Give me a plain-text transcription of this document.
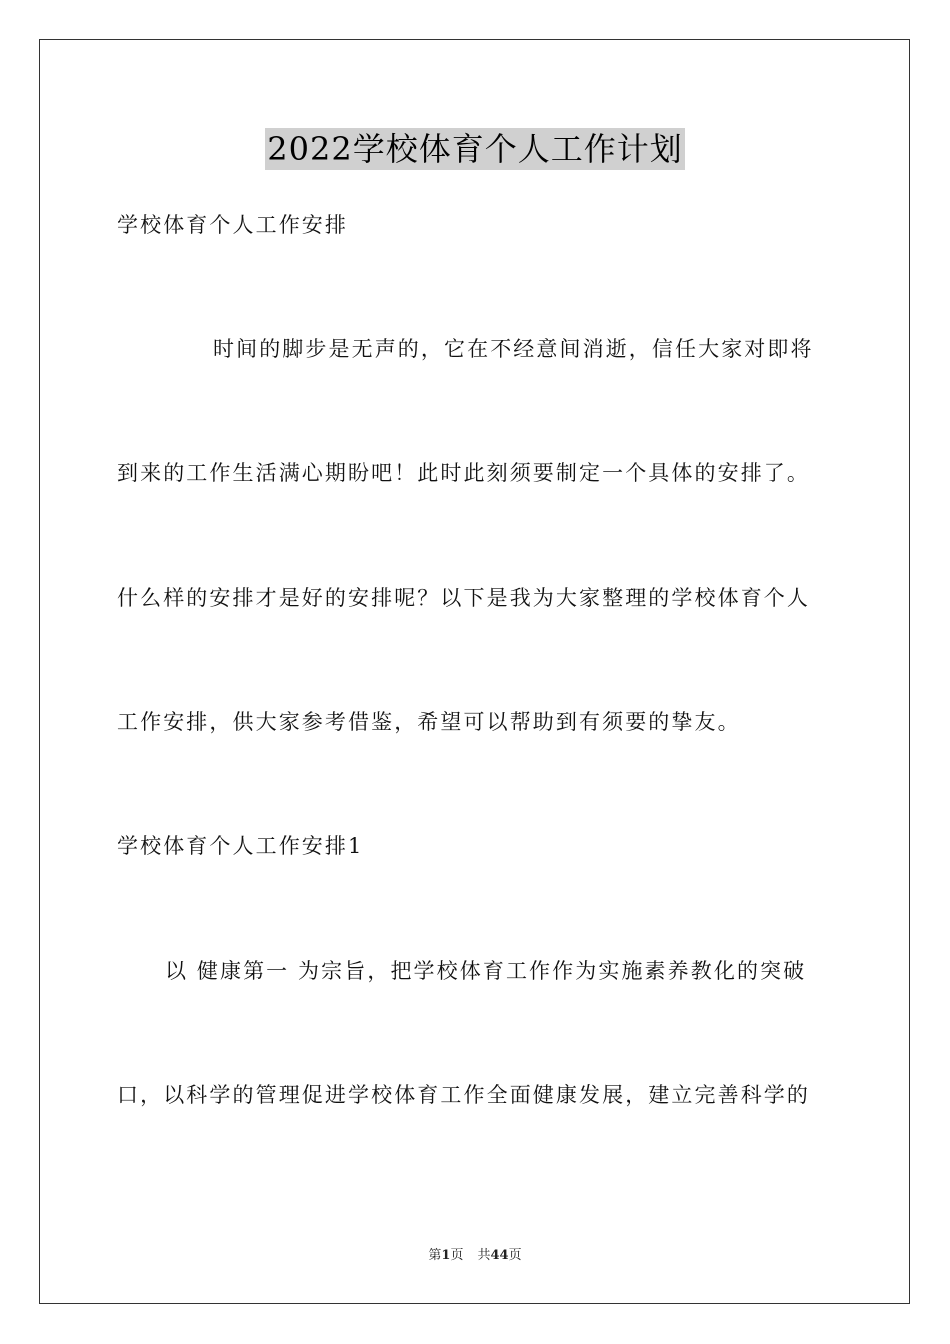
2022学校体育个人工作计划
学校体育个人工作安排
时间的脚步是无声的，它在不经意间消逝，信任大家对即将
到来的工作生活满心期盼吧！此时此刻须要制定一个具体的安排了。
什么样的安排才是好的安排呢？以下是我为大家整理的学校体育个人
工作安排，供大家参考借鉴，希望可以帮助到有须要的挚友。
学校体育个人工作安排1
以 健康第一 为宗旨，把学校体育工作作为实施素养教化的突破
口，以科学的管理促进学校体育工作全面健康发展，建立完善科学的
第1页 共44页
